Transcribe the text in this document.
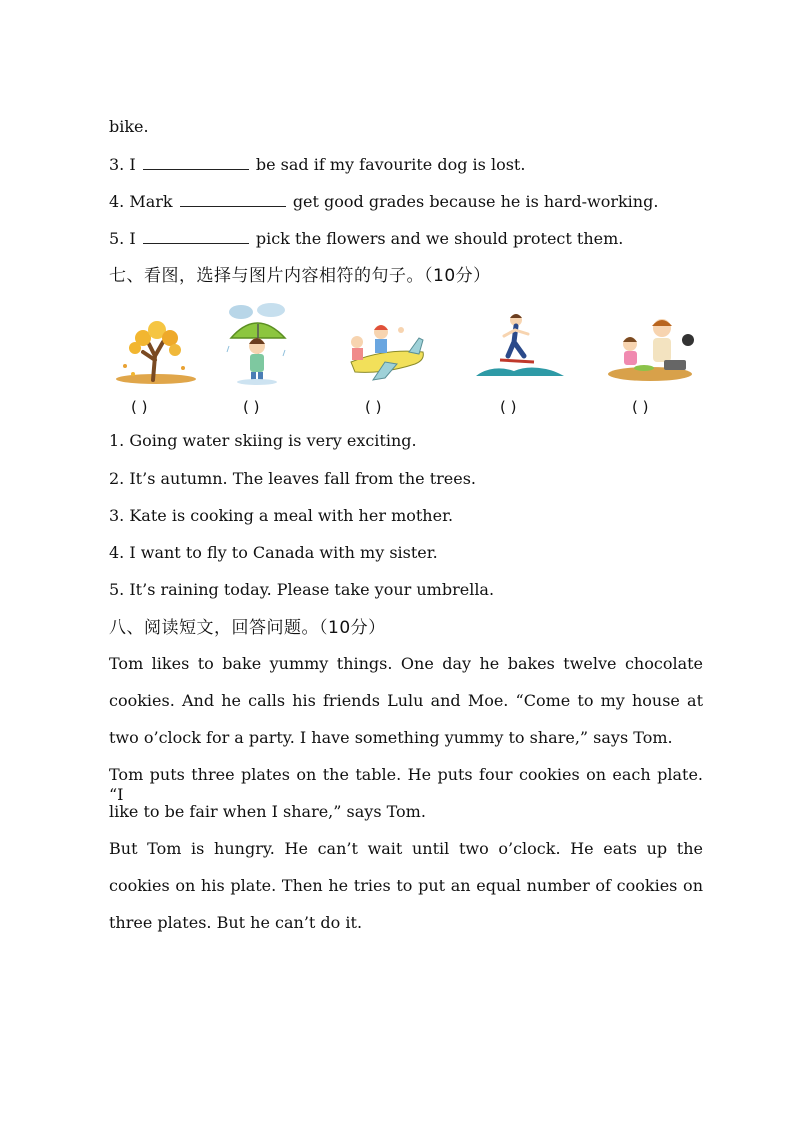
bike.

3. I	be sad if my favourite dog is lost.

4. Mark	get good grades because he is hard-working.

5. I	pick the flowers and we should protect them.

七、看图，选择与图片内容相符的句子。（10分）

( )	( )	( )	( )	( )

1. Going water skiing is very exciting.

2. It’s autumn. The leaves fall from the trees.

3. Kate is cooking a meal with her mother.

4. I want to fly to Canada with my sister.

5. It’s raining today. Please take your umbrella.

八、阅读短文，回答问题。（10分）

Tom likes to bake yummy things. One day he bakes twelve chocolate

cookies. And he calls his friends Lulu and Moe. “Come to my house at

two o’clock for a party. I have something yummy to share,” says Tom.

Tom puts three plates on the table. He puts four cookies on each plate. “I

like to be fair when I share,” says Tom.

But Tom is hungry. He can’t wait until two o’clock. He eats up the

cookies on his plate. Then he tries to put an equal number of cookies on

three plates. But he can’t do it.
